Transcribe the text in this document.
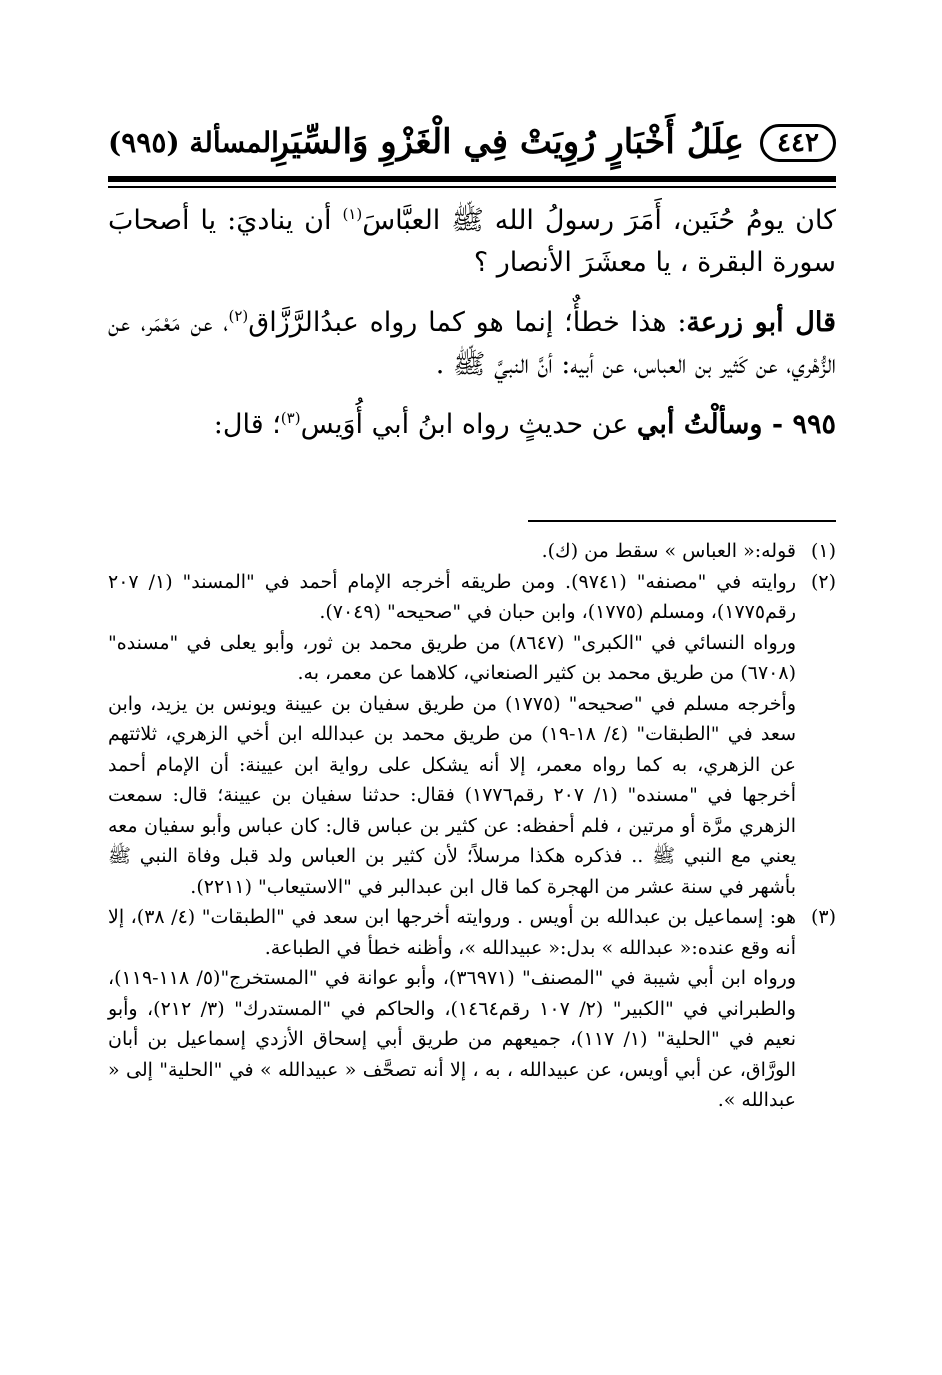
٤٤٢
عِلَلُ أَخْبَارٍ رُوِيَتْ فِي الْغَزْوِ وَالسِّيَرِ
المسألة (٩٩٥)

كان يومُ حُنَين، أَمَرَ رسولُ الله ﷺ العبَّاسَ$^{(١)}$ أن يناديَ: يا أصحابَ سورة البقرة ، يا معشَرَ الأنصار ؟

قال أبو زرعة: هذا خطأٌ؛ إنما هو كما رواه عبدُالرَّزَّاق$^{(٢)}$، عن مَعْمَر، عن الزُّهْري، عن كَثير بن العباس، عن أبيه: أنَّ النبيَّ ﷺ .

٩٩٥ - وسألْتُ أبي عن حديثٍ رواه ابنُ أبي أُوَيس$^{(٣)}$؛ قال:

(١)

قوله:« العباس » سقط من (ك).

(٢)

روايته في "مصنفه" (٩٧٤١). ومن طريقه أخرجه الإمام أحمد في "المسند" (١/ ٢٠٧ رقم١٧٧٥)، ومسلم (١٧٧٥)، وابن حبان في "صحيحه" (٧٠٤٩).

ورواه النسائي في "الكبرى" (٨٦٤٧) من طريق محمد بن ثور، وأبو يعلى في "مسنده" (٦٧٠٨) من طريق محمد بن كثير الصنعاني، كلاهما عن معمر، به.

وأخرجه مسلم في "صحيحه" (١٧٧٥) من طريق سفيان بن عيينة ويونس بن يزيد، وابن سعد في "الطبقات" (٤/ ١٨-١٩) من طريق محمد بن عبدالله ابن أخي الزهري، ثلاثتهم عن الزهري، به كما رواه معمر، إلا أنه يشكل على رواية ابن عيينة: أن الإمام أحمد أخرجها في "مسنده" (١/ ٢٠٧ رقم١٧٧٦) فقال: حدثنا سفيان بن عيينة؛ قال: سمعت الزهري مرَّة أو مرتين ، فلم أحفظه: عن كثير بن عباس قال: كان عباس وأبو سفيان معه يعني مع النبي ﷺ .. فذكره هكذا مرسلاً؛ لأن كثير بن العباس ولد قبل وفاة النبي ﷺ بأشهر في سنة عشر من الهجرة كما قال ابن عبدالبر في "الاستيعاب" (٢٢١١).

(٣)

هو: إسماعيل بن عبدالله بن أويس . وروايته أخرجها ابن سعد في "الطبقات" (٤/ ٣٨)، إلا أنه وقع عنده:« عبدالله » بدل:« عبيدالله »، وأظنه خطأ في الطباعة.

ورواه ابن أبي شيبة في "المصنف" (٣٦٩٧١)، وأبو عوانة في "المستخرج"(٥/ ١١٨-١١٩)، والطبراني في "الكبير" (٢/ ١٠٧ رقم١٤٦٤)، والحاكم في "المستدرك" (٣/ ٢١٢)، وأبو نعيم في "الحلية" (١/ ١١٧)، جميعهم من طريق أبي إسحاق الأزدي إسماعيل بن أبان الورَّاق، عن أبي أويس، عن عبيدالله ، به ، إلا أنه تصحَّف « عبيدالله » في "الحلية" إلى « عبدالله ».
